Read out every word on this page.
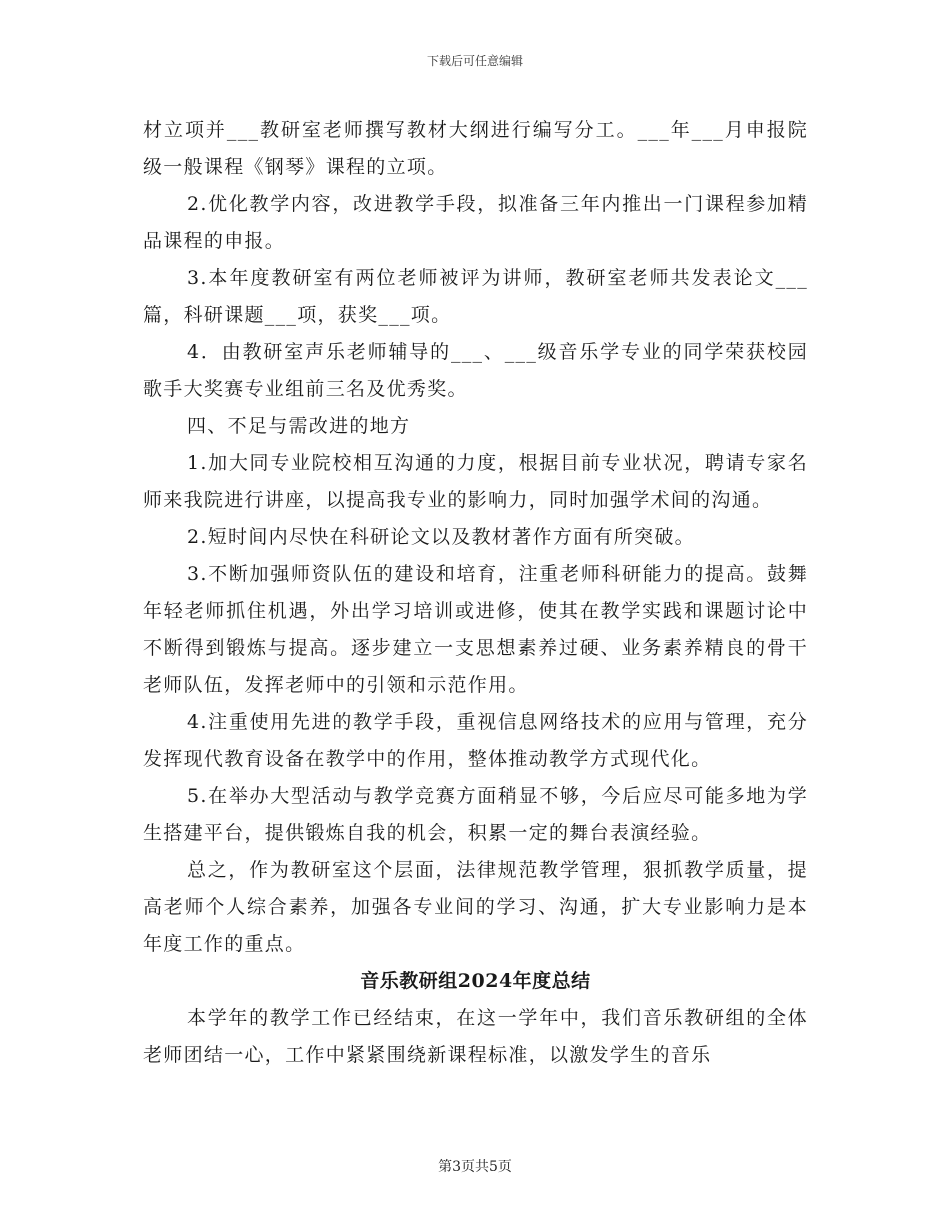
下载后可任意编辑

材立项并___教研室老师撰写教材大纲进行编写分工。___年___月申报院级一般课程《钢琴》课程的立项。

2.优化教学内容，改进教学手段，拟准备三年内推出一门课程参加精品课程的申报。

3.本年度教研室有两位老师被评为讲师，教研室老师共发表论文___篇，科研课题___项，获奖___项。

4．由教研室声乐老师辅导的___、___级音乐学专业的同学荣获校园歌手大奖赛专业组前三名及优秀奖。

四、不足与需改进的地方

1.加大同专业院校相互沟通的力度，根据目前专业状况，聘请专家名师来我院进行讲座，以提高我专业的影响力，同时加强学术间的沟通。

2.短时间内尽快在科研论文以及教材著作方面有所突破。

3.不断加强师资队伍的建设和培育，注重老师科研能力的提高。鼓舞年轻老师抓住机遇，外出学习培训或进修，使其在教学实践和课题讨论中不断得到锻炼与提高。逐步建立一支思想素养过硬、业务素养精良的骨干老师队伍，发挥老师中的引领和示范作用。

4.注重使用先进的教学手段，重视信息网络技术的应用与管理，充分发挥现代教育设备在教学中的作用，整体推动教学方式现代化。

5.在举办大型活动与教学竞赛方面稍显不够，今后应尽可能多地为学生搭建平台，提供锻炼自我的机会，积累一定的舞台表演经验。

总之，作为教研室这个层面，法律规范教学管理，狠抓教学质量，提高老师个人综合素养，加强各专业间的学习、沟通，扩大专业影响力是本年度工作的重点。

音乐教研组2024年度总结

本学年的教学工作已经结束，在这一学年中，我们音乐教研组的全体老师团结一心，工作中紧紧围绕新课程标准，以激发学生的音乐

第3页共5页
